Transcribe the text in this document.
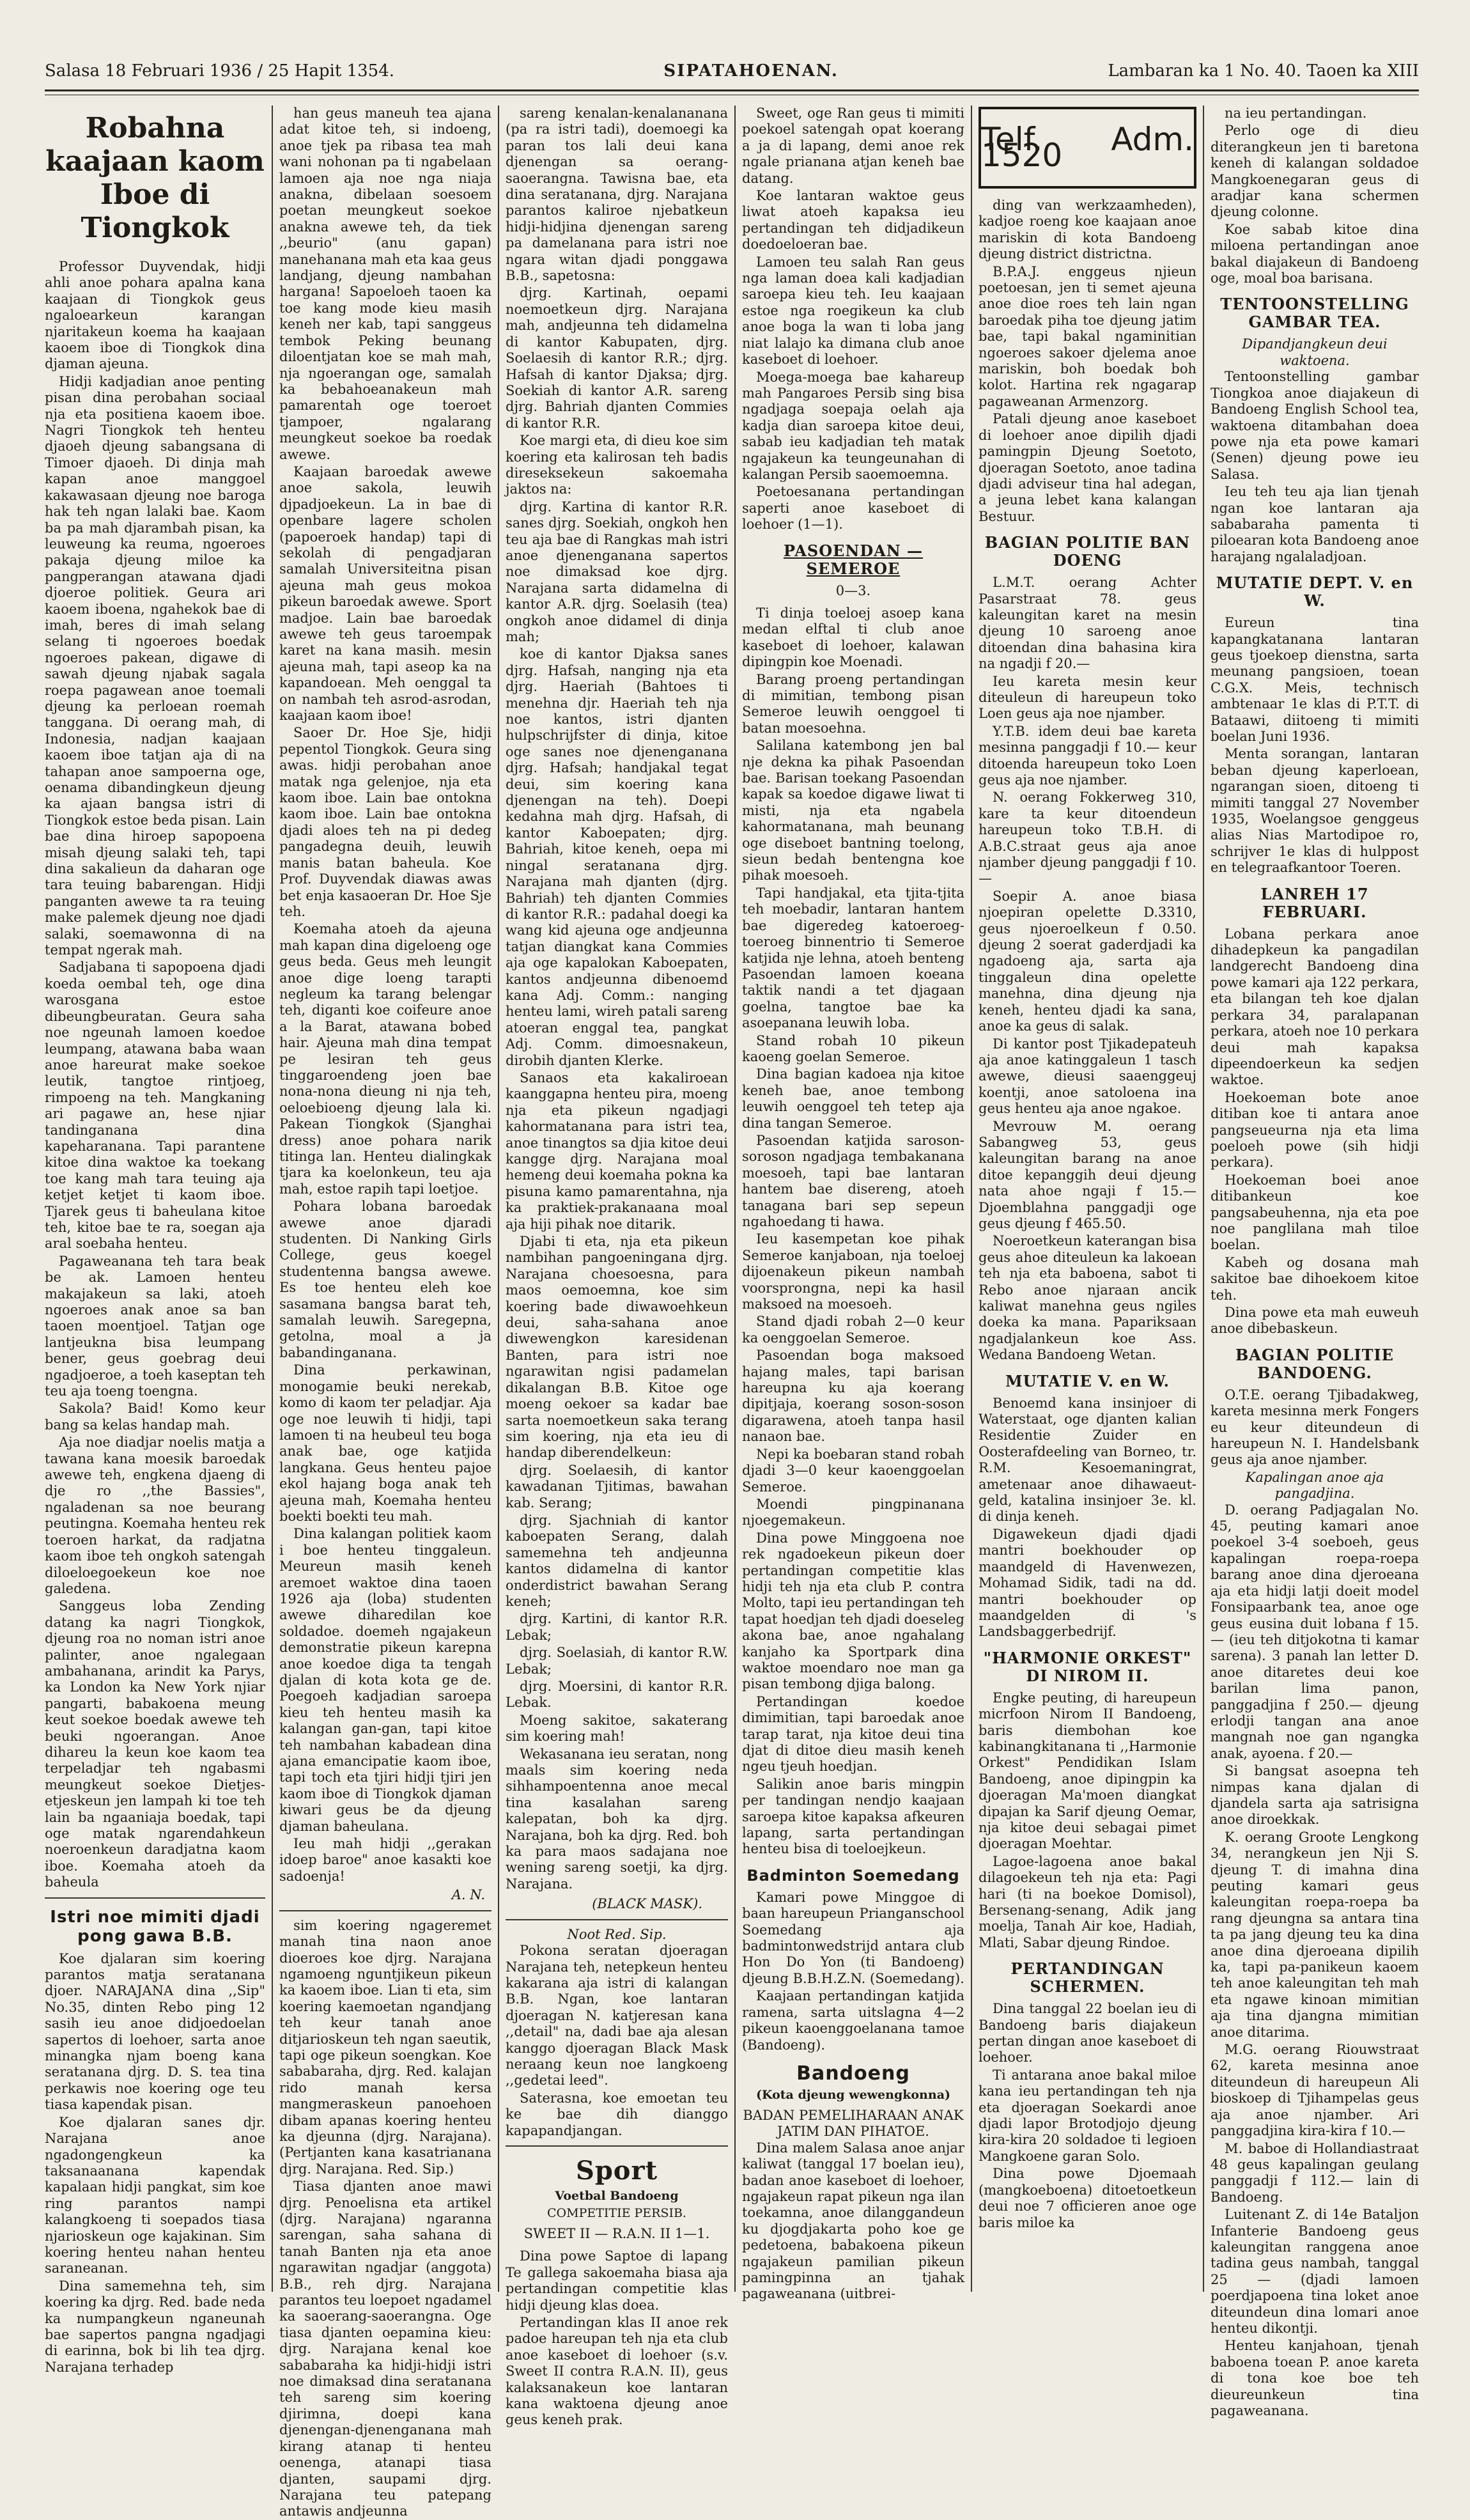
Salasa 18 Februari 1936 / 25 Hapit 1354.	SIPATAHOENAN.	Lambaran ka 1 No. 40. Taoen ka XIII
Robahna kaajaan kaom Iboe di Tiongkok

Professor Duyvendak, hidji ahli anoe pohara apalna kana kaajaan di Tiongkok geus ngaloearkeun karangan njaritakeun koema ha kaajaan kaoem iboe di Tiongkok dina djaman ajeuna.

Hidji kadjadian anoe penting pisan dina perobahan sociaal nja eta positiena kaoem iboe. Nagri Tiongkok teh henteu djaoeh djeung sabangsana di Timoer djaoeh. Di dinja mah kapan anoe manggoel kakawasaan djeung noe baroga hak teh ngan lalaki bae. Kaom ba pa mah djarambah pisan, ka leuweung ka reuma, ngoeroes pakaja djeung miloe ka pangperangan atawana djadi djoeroe politiek. Geura ari kaoem iboena, ngahekok bae di imah, beres di imah selang selang ti ngoeroes boedak ngoeroes pakean, digawe di sawah djeung njabak sagala roepa pagawean anoe toemali djeung ka perloean roemah tanggana. Di oerang mah, di Indonesia, nadjan kaajaan kaoem iboe tatjan aja di na tahapan anoe sampoerna oge, oenama dibandingkeun djeung ka ajaan bangsa istri di Tiongkok estoe beda pisan. Lain bae dina hiroep sapopoena misah djeung salaki teh, tapi dina sakalieun da daharan oge tara teuing babarengan. Hidji panganten awewe ta ra teuing make palemek djeung noe djadi salaki, soemawonna di na tempat ngerak mah.

Sadjabana ti sapopoena djadi koeda oembal teh, oge dina warosgana estoe dibeungbeuratan. Geura saha noe ngeunah lamoen koedoe leumpang, atawana baba waan anoe hareurat make soekoe leutik, tangtoe rintjoeg, rimpoeng na teh. Mangkaning ari pagawe an, hese njiar tandinganana dina kapeharanana. Tapi parantene kitoe dina waktoe ka toekang toe kang mah tara teuing aja ketjet ketjet ti kaom iboe. Tjarek geus ti baheulana kitoe teh, kitoe bae te ra, soegan aja aral soebaha henteu.

Pagaweanana teh tara beak be ak. Lamoen henteu makajakeun sa laki, atoeh ngoeroes anak anoe sa ban taoen moentjoel. Tatjan oge lantjeukna bisa leumpang bener, geus goebrag deui ngadjoeroe, a toeh kaseptan teh teu aja toeng toengna.

Sakola? Baid! Komo keur bang sa kelas handap mah.

Aja noe diadjar noelis matja a tawana kana moesik baroedak awewe teh, engkena djaeng di dje ro ,,the Bassies", ngaladenan sa noe beurang peutingna. Koemaha henteu rek toeroen harkat, da radjatna kaom iboe teh ongkoh satengah diloeloegoekeun koe noe galedena.

Sanggeus loba Zending datang ka nagri Tiongkok, djeung roa no noman istri anoe palinter, anoe ngalegaan ambahanana, arindit ka Parys, ka London ka New York njiar pangarti, babakoena meung keut soekoe boedak awewe teh beuki ngoerangan. Anoe dihareu la keun koe kaom tea terpeladjar teh ngabasmi meungkeut soekoe Dietjes-etjeskeun jen lampah ki toe teh lain ba ngaaniaja boedak, tapi oge matak ngarendahkeun noeroenkeun daradjatna kaom iboe. Koemaha atoeh da baheula

Istri noe mimiti djadi pong gawa B.B.

Koe djalaran sim koering parantos matja seratanana djoer. NARAJANA dina ,,Sip" No.35, dinten Rebo ping 12 sasih ieu anoe didjoedoelan sapertos di loehoer, sarta anoe minangka njam boeng kana seratanana djrg. D. S. tea tina perkawis noe koering oge teu tiasa kapendak pisan.

Koe djalaran sanes djr. Narajana anoe ngadongengkeun ka taksanaanana kapendak kapalaan hidji pangkat, sim koe ring parantos nampi kalangkoeng ti soepados tiasa njarioskeun oge kajakinan. Sim koering henteu nahan henteu saraneanan.

Dina samemehna teh, sim koering ka djrg. Red. bade neda ka numpangkeun nganeunah bae sapertos pangna ngadjagi di earinna, bok bi lih tea djrg. Narajana terhadep

han geus maneuh tea ajana adat kitoe teh, si indoeng, anoe tjek pa ribasa tea mah wani nohonan pa ti ngabelaan lamoen aja noe nga niaja anakna, dibelaan soesoem poetan meungkeut soekoe anakna awewe teh, da tiek ,,beurio" (anu gapan) manehanana mah eta kaa geus landjang, djeung nambahan hargana! Sapoeloeh taoen ka toe kang mode kieu masih keneh ner kab, tapi sanggeus tembok Peking beunang diloentjatan koe se mah mah, nja ngoerangan oge, samalah ka bebahoeanakeun mah pamarentah oge toeroet tjampoer, ngalarang meungkeut soekoe ba roedak awewe.

Kaajaan baroedak awewe anoe sakola, leuwih djpadjoekeun. La in bae di openbare lagere scholen (papoeroek handap) tapi di sekolah di pengadjaran samalah Universiteitna pisan ajeuna mah geus mokoa pikeun baroedak awewe. Sport madjoe. Lain bae baroedak awewe teh geus taroempak karet na kana masih. mesin ajeuna mah, tapi aseop ka na kapandoean. Meh oenggal ta on nambah teh asrod-asrodan, kaajaan kaom iboe!

Saoer Dr. Hoe Sje, hidji pepentol Tiongkok. Geura sing awas. hidji perobahan anoe matak nga gelenjoe, nja eta kaom iboe. Lain bae ontokna kaom iboe. Lain bae ontokna djadi aloes teh na pi dedeg pangadegna deuih, leuwih manis batan baheula. Koe Prof. Duyvendak diawas awas bet enja kasaoeran Dr. Hoe Sje teh.

Koemaha atoeh da ajeuna mah kapan dina digeloeng oge geus beda. Geus meh leungit anoe dige loeng tarapti negleum ka tarang belengar teh, diganti koe coifeure anoe a la Barat, atawana bobed hair. Ajeuna mah dina tempat pe lesiran teh geus tinggaroendeng joen bae nona-nona dieung ni nja teh, oeloebioeng djeung lala ki. Pakean Tiongkok (Sjanghai dress) anoe pohara narik titinga lan. Henteu dialingkak tjara ka koelonkeun, teu aja mah, estoe rapih tapi loetjoe.

Pohara lobana baroedak awewe anoe djaradi studenten. Di Nanking Girls College, geus koegel studentenna bangsa awewe. Es toe henteu eleh koe sasamana bangsa barat teh, samalah leuwih. Saregepna, getolna, moal a ja babandinganana.

Dina perkawinan, monogamie beuki nerekab, komo di kaom ter peladjar. Aja oge noe leuwih ti hidji, tapi lamoen ti na heubeul teu boga anak bae, oge katjida langkana. Geus henteu pajoe ekol hajang boga anak teh ajeuna mah, Koemaha henteu boekti boekti teu mah.

Dina kalangan politiek kaom i boe henteu tinggaleun. Meureun masih keneh aremoet waktoe dina taoen 1926 aja (loba) studenten awewe diharedilan koe soldadoe. doemeh ngajakeun demonstratie pikeun karepna anoe koedoe diga ta tengah djalan di kota kota ge de. Poegoeh kadjadian saroepa kieu teh henteu masih ka kalangan gan-gan, tapi kitoe teh nambahan kabadean dina ajana emancipatie kaom iboe, tapi toch eta tjiri hidji tjiri jen kaom iboe di Tiongkok djaman kiwari geus be da djeung djaman baheulana.

Ieu mah hidji ,,gerakan idoep baroe" anoe kasakti koe sadoenja!

A. N.

sim koering ngageremet manah tina naon anoe dioeroes koe djrg. Narajana ngamoeng nguntjikeun pikeun ka kaoem iboe. Lian ti eta, sim koering kaemoetan ngandjang teh keur tanah anoe ditjarioskeun teh ngan saeutik, tapi oge pikeun soengkan. Koe sababaraha, djrg. Red. kalajan rido manah kersa mangmeraskeun panoehoen dibam apanas koering henteu ka djeunna (djrg. Narajana). (Pertjanten kana kasatrianana djrg. Narajana. Red. Sip.)

Tiasa djanten anoe mawi djrg. Penoelisna eta artikel (djrg. Narajana) ngaranna sarengan, saha sahana di tanah Banten nja eta anoe ngarawitan ngadjar (anggota) B.B., reh djrg. Narajana parantos teu loepoet ngadamel ka saoerang-saoerangna. Oge tiasa djanten oepamina kieu: djrg. Narajana kenal koe sababaraha ka hidji-hidji istri noe dimaksad dina seratanana teh sareng sim koering djirimna, doepi kana djenengan-djenenganana mah kirang atanap ti henteu oenenga, atanapi tiasa djanten, saupami djrg. Narajana teu patepang antawis andjeunna

sareng kenalan-kenalananana (pa ra istri tadi), doemoegi ka paran tos lali deui kana djenengan sa oerang-saoerangna. Tawisna bae, eta dina seratanana, djrg. Narajana parantos kaliroe njebatkeun hidji-hidjina djenengan sareng pa damelanana para istri noe ngara witan djadi ponggawa B.B., sapetosna:

djrg. Kartinah, oepami noemoetkeun djrg. Narajana mah, andjeunna teh didamelna di kantor Kabupaten, djrg. Soelaesih di kantor R.R.; djrg. Hafsah di kantor Djaksa; djrg. Soekiah di kantor A.R. sareng djrg. Bahriah djanten Commies di kantor R.R.

Koe margi eta, di dieu koe sim koering eta kalirosan teh badis direseksekeun sakoemaha jaktos na:

djrg. Kartina di kantor R.R. sanes djrg. Soekiah, ongkoh hen teu aja bae di Rangkas mah istri anoe djenenganana sapertos noe dimaksad koe djrg. Narajana sarta didamelna di kantor A.R. djrg. Soelasih (tea) ongkoh anoe didamel di dinja mah;

koe di kantor Djaksa sanes djrg. Hafsah, nanging nja eta djrg. Haeriah (Bahtoes ti menehna djr. Haeriah teh nja noe kantos, istri djanten hulpschrijfster di dinja, kitoe oge sanes noe djenenganana djrg. Hafsah; handjakal tegat deui, sim koering kana djenengan na teh). Doepi kedahna mah djrg. Hafsah, di kantor Kaboepaten; djrg. Bahriah, kitoe keneh, oepa mi ningal seratanana djrg. Narajana mah djanten (djrg. Bahriah) teh djanten Commies di kantor R.R.: padahal doegi ka wang kid ajeuna oge andjeunna tatjan diangkat kana Commies aja oge kapalokan Kaboepaten, kantos andjeunna dibenoemd kana Adj. Comm.: nanging henteu lami, wireh patali sareng atoeran enggal tea, pangkat Adj. Comm. dimoesnakeun, dirobih djanten Klerke.

Sanaos eta kakaliroean kaanggapna henteu pira, moeng nja eta pikeun ngadjagi kahormatanana para istri tea, anoe tinangtos sa djia kitoe deui kangge djrg. Narajana moal hemeng deui koemaha pokna ka pisuna kamo pamarentahna, nja ka praktiek-prakanaana moal aja hiji pihak noe ditarik.

Djabi ti eta, nja eta pikeun nambihan pangoeningana djrg. Narajana choesoesna, para maos oemoemna, koe sim koering bade diwawoehkeun deui, saha-sahana anoe diwewengkon karesidenan Banten, para istri noe ngarawitan ngisi padamelan dikalangan B.B. Kitoe oge moeng oekoer sa kadar bae sarta noemoetkeun saka terang sim koering, nja eta ieu di handap diberendelkeun:

djrg. Soelaesih, di kantor kawadanan Tjitimas, bawahan kab. Serang;

djrg. Sjachniah di kantor kaboepaten Serang, dalah samemehna teh andjeunna kantos didamelna di kantor onderdistrict bawahan Serang keneh;

djrg. Kartini, di kantor R.R. Lebak;

djrg. Soelasiah, di kantor R.W. Lebak;

djrg. Moersini, di kantor R.R. Lebak.

Moeng sakitoe, sakaterang sim koering mah!

Wekasanana ieu seratan, nong maals sim koering neda sihhampoentenna anoe mecal tina kasalahan sareng kalepatan, boh ka djrg. Narajana, boh ka djrg. Red. boh ka para maos sadajana noe wening sareng soetji, ka djrg. Narajana.

(BLACK MASK).
Noot Red. Sip.

Pokona seratan djoeragan Narajana teh, netepkeun henteu kakarana aja istri di kalangan B.B. Ngan, koe lantaran djoeragan N. katjeresan kana ,,detail" na, dadi bae aja alesan kanggo djoeragan Black Mask neraang keun noe langkoeng ,,gedetai leed".

Saterasna, koe emoetan teu ke bae dih dianggo kapapandjangan.

Sport
Voetbal Bandoeng
COMPETITIE PERSIB.
SWEET II — R.A.N. II 1—1.

Dina powe Saptoe di lapang Te gallega sakoemaha biasa aja pertandingan competitie klas hidji djeung klas doea.

Pertandingan klas II anoe rek padoe hareupan teh nja eta club anoe kaseboet di loehoer (s.v. Sweet II contra R.A.N. II), geus kalaksanakeun koe lantaran kana waktoena djeung anoe geus keneh prak.

Sweet, oge Ran geus ti mimiti poekoel satengah opat koerang a ja di lapang, demi anoe rek ngale prianana atjan keneh bae datang.

Koe lantaran waktoe geus liwat atoeh kapaksa ieu pertandingan teh didjadikeun doedoeloeran bae.

Lamoen teu salah Ran geus nga laman doea kali kadjadian saroepa kieu teh. Ieu kaajaan estoe nga roegikeun ka club anoe boga la wan ti loba jang niat lalajo ka dimana club anoe kaseboet di loehoer.

Moega-moega bae kahareup mah Pangaroes Persib sing bisa ngadjaga soepaja oelah aja kadja dian saroepa kitoe deui, sabab ieu kadjadian teh matak ngajakeun ka teungeunahan di kalangan Persib saoemoemna.

Poetoesanana pertandingan saperti anoe kaseboet di loehoer (1—1).

PASOENDAN — SEMEROE
0—3.

Ti dinja toeloej asoep kana medan elftal ti club anoe kaseboet di loehoer, kalawan dipingpin koe Moenadi.

Barang proeng pertandingan di mimitian, tembong pisan Semeroe leuwih oenggoel ti batan moesoehna.

Salilana katembong jen bal nje dekna ka pihak Pasoendan bae. Barisan toekang Pasoendan kapak sa koedoe digawe liwat ti misti, nja eta ngabela kahormatanana, mah beunang oge diseboet bantning toelong, sieun bedah bentengna koe pihak moesoeh.

Tapi handjakal, eta tjita-tjita teh moebadir, lantaran hantem bae digeredeg katoeroeg-toeroeg binnentrio ti Semeroe katjida nje lehna, atoeh benteng Pasoendan lamoen koeana taktik nandi a tet djagaan goelna, tangtoe bae ka asoepanana leuwih loba.

Stand robah 10 pikeun kaoeng goelan Semeroe.

Dina bagian kadoea nja kitoe keneh bae, anoe tembong leuwih oenggoel teh tetep aja dina tangan Semeroe.

Pasoendan katjida saroson-soroson ngadjaga tembakanana moesoeh, tapi bae lantaran hantem bae disereng, atoeh tanagana bari sep sepeun ngahoedang ti hawa.

Ieu kasempetan koe pihak Semeroe kanjaboan, nja toeloej dijoenakeun pikeun nambah voorsprongna, nepi ka hasil maksoed na moesoeh.

Stand djadi robah 2—0 keur ka oenggoelan Semeroe.

Pasoendan boga maksoed hajang males, tapi barisan hareupna ku aja koerang dipitjaja, koerang soson-soson digarawena, atoeh tanpa hasil nanaon bae.

Nepi ka boebaran stand robah djadi 3—0 keur kaoenggoelan Semeroe.

Moendi pingpinanana njoegemakeun.

Dina powe Minggoena noe rek ngadoekeun pikeun doer pertandingan competitie klas hidji teh nja eta club P. contra Molto, tapi ieu pertandingan teh tapat hoedjan teh djadi doeseleg akona bae, anoe ngahalang kanjaho ka Sportpark dina waktoe moendaro noe man ga pisan tembong djiga balong.

Pertandingan koedoe dimimitian, tapi baroedak anoe tarap tarat, nja kitoe deui tina djat di ditoe dieu masih keneh ngeu tjeuh hoedjan.

Salikin anoe baris mingpin per tandingan nendjo kaajaan saroepa kitoe kapaksa afkeuren lapang, sarta pertandingan henteu bisa di toeloejkeun.

Badminton Soemedang

Kamari powe Minggoe di baan hareupeun Prianganschool Soemedang aja badmintonwedstrijd antara club Hon Do Yon (ti Bandoeng) djeung B.B.H.Z.N. (Soemedang).

Kaajaan pertandingan katjida ramena, sarta uitslagna 4—2 pikeun kaoenggoelanana tamoe (Bandoeng).

Bandoeng
(Kota djeung wewengkonna)
BADAN PEMELIHARAAN ANAK JATIM DAN PIHATOE.

Dina malem Salasa anoe anjar kaliwat (tanggal 17 boelan ieu), badan anoe kaseboet di loehoer, ngajakeun rapat pikeun nga ilan toekamna, anoe dilanggandeun ku djogdjakarta poho koe ge pedetoena, babakoena pikeun ngajakeun pamilian pikeun pamingpinna an tjahak pagaweanana (uitbrei-

Telf. Adm. 1520

ding van werkzaamheden), kadjoe roeng koe kaajaan anoe mariskin di kota Bandoeng djeung district districtna.

B.P.A.J. enggeus njieun poetoesan, jen ti semet ajeuna anoe dioe roes teh lain ngan baroedak piha toe djeung jatim bae, tapi bakal ngaminitian ngoeroes sakoer djelema anoe mariskin, boh boedak boh kolot. Hartina rek ngagarap pagaweanan Armenzorg.

Patali djeung anoe kaseboet di loehoer anoe dipilih djadi pamingpin Djeung Soetoto, djoeragan Soetoto, anoe tadina djadi adviseur tina hal adegan, a jeuna lebet kana kalangan Bestuur.

BAGIAN POLITIE BAN DOENG

L.M.T. oerang Achter Pasarstraat 78. geus kaleungitan karet na mesin djeung 10 saroeng anoe ditoendan dina bahasina kira na ngadji f 20.—

Ieu kareta mesin keur diteuleun di hareupeun toko Loen geus aja noe njamber.

Y.T.B. idem deui bae kareta mesinna panggadji f 10.— keur ditoenda hareupeun toko Loen geus aja noe njamber.

N. oerang Fokkerweg 310, kare ta keur ditoendeun hareupeun toko T.B.H. di A.B.C.straat geus aja anoe njamber djeung panggadji f 10.—

Soepir A. anoe biasa njoepiran opelette D.3310, geus njoeroelkeun f 0.50. djeung 2 soerat gaderdjadi ka ngadoeng aja, sarta aja tinggaleun dina opelette manehna, dina djeung nja keneh, henteu djadi ka sana, anoe ka geus di salak.

Di kantor post Tjikadepateuh aja anoe katinggaleun 1 tasch awewe, dieusi saaenggeuj koentji, anoe satoloena ina geus henteu aja anoe ngakoe.

Mevrouw M. oerang Sabangweg 53, geus kaleungitan barang na anoe ditoe kepanggih deui djeung nata ahoe ngaji f 15.— Djoemblahna panggadji oge geus djeung f 465.50.

Noeroetkeun katerangan bisa geus ahoe diteuleun ka lakoean teh nja eta baboena, sabot ti Rebo anoe njaraan ancik kaliwat manehna geus ngiles doeka ka mana. Papariksaan ngadjalankeun koe Ass. Wedana Bandoeng Wetan.

MUTATIE V. en W.

Benoemd kana insinjoer di Waterstaat, oge djanten kalian Residentie Zuider en Oosterafdeeling van Borneo, tr. R.M. Kesoemaningrat, ametenaar anoe dihawaeut- geld, katalina insinjoer 3e. kl. di dinja keneh.

Digawekeun djadi djadi mantri boekhouder op maandgeld di Havenwezen, Mohamad Sidik, tadi na dd. mantri boekhouder op maandgelden di 's Landsbaggerbedrijf.

"HARMONIE ORKEST" DI NIROM II.

Engke peuting, di hareupeun micrfoon Nirom II Bandoeng, baris diembohan koe kabinangkitanana ti ,,Harmonie Orkest" Pendidikan Islam Bandoeng, anoe dipingpin ka djoeragan Ma'moen diangkat dipajan ka Sarif djeung Oemar, nja kitoe deui sebagai pimet djoeragan Moehtar.

Lagoe-lagoena anoe bakal dilagoekeun teh nja eta: Pagi hari (ti na boekoe Domisol), Bersenang-senang, Adik jang moelja, Tanah Air koe, Hadiah, Mlati, Sabar djeung Rindoe.

PERTANDINGAN SCHERMEN.

Dina tanggal 22 boelan ieu di Bandoeng baris diajakeun pertan dingan anoe kaseboet di loehoer.

Ti antarana anoe bakal miloe kana ieu pertandingan teh nja eta djoeragan Soekardi anoe djadi lapor Brotodjojo djeung kira-kira 20 soldadoe ti legioen Mangkoene garan Solo.

Dina powe Djoemaah (mangkoeboena) ditoetoetkeun deui noe 7 officieren anoe oge baris miloe ka

na ieu pertandingan.

Perlo oge di dieu diterangkeun jen ti baretona keneh di kalangan soldadoe Mangkoenegaran geus di aradjar kana schermen djeung colonne.

Koe sabab kitoe dina miloena pertandingan anoe bakal diajakeun di Bandoeng oge, moal boa barisana.

TENTOONSTELLING GAMBAR TEA.
Dipandjangkeun deui waktoena.

Tentoonstelling gambar Tiongkoa anoe diajakeun di Bandoeng English School tea, waktoena ditambahan doea powe nja eta powe kamari (Senen) djeung powe ieu Salasa.

Ieu teh teu aja lian tjenah ngan koe lantaran aja sababaraha pamenta ti piloearan kota Bandoeng anoe harajang ngalaladjoan.

MUTATIE DEPT. V. en W.

Eureun tina kapangkatanana lantaran geus tjoekoep dienstna, sarta meunang pangsioen, toean C.G.X. Meis, technisch ambtenaar 1e klas di P.T.T. di Bataawi, diitoeng ti mimiti boelan Juni 1936.

Menta sorangan, lantaran beban djeung kaperloean, ngarangan sioen, ditoeng ti mimiti tanggal 27 November 1935, Woelangsoe genggeus alias Nias Martodipoe ro, schrijver 1e klas di hulppost en telegraafkantoor Toeren.

LANREH 17 FEBRUARI.

Lobana perkara anoe dihadepkeun ka pangadilan landgerecht Bandoeng dina powe kamari aja 122 perkara, eta bilangan teh koe djalan perkara 34, paralapanan perkara, atoeh noe 10 perkara deui mah kapaksa dipeendoerkeun ka sedjen waktoe.

Hoekoeman bote anoe ditiban koe ti antara anoe pangseueurna nja eta lima poeloeh powe (sih hidji perkara).

Hoekoeman boei anoe ditibankeun koe pangsabeuhenna, nja eta poe noe panglilana mah tiloe boelan.

Kabeh og dosana mah sakitoe bae dihoekoem kitoe teh.

Dina powe eta mah euweuh anoe dibebaskeun.

BAGIAN POLITIE BANDOENG.

O.T.E. oerang Tjibadakweg, kareta mesinna merk Fongers eu keur diteundeun di hareupeun N. I. Handelsbank geus aja anoe njamber.

Kapalingan anoe aja pangadjina.

D. oerang Padjagalan No. 45, peuting kamari anoe poekoel 3-4 soeboeh, geus kapalingan roepa-roepa barang anoe dina djeroeana aja eta hidji latji doeit model Fonsipaarbank tea, anoe oge geus eusina duit lobana f 15.— (ieu teh ditjokotna ti kamar sarena). 3 panah lan letter D. anoe ditaretes deui koe barilan lima panon, panggadjina f 250.— djeung erlodji tangan ana anoe mangnah noe gan ngangka anak, ayoena. f 20.—

Si bangsat asoepna teh nimpas kana djalan di djandela sarta aja satrisigna anoe diroekkak.

K. oerang Groote Lengkong 34, nerangkeun jen Nji S. djeung T. di imahna dina peuting kamari geus kaleungitan roepa-roepa ba rang djeungna sa antara tina ta pa jang djeung teu ka dina anoe dina djeroeana dipilih ka, tapi pa-panikeun kaoem teh anoe kaleungitan teh mah eta ngawe kinoan mimitian aja tina djangna mimitian anoe ditarima.

M.G. oerang Riouwstraat 62, kareta mesinna anoe diteundeun di hareupeun Ali bioskoep di Tjihampelas geus aja anoe njamber. Ari panggadjina kira-kira f 10.—

M. baboe di Hollandiastraat 48 geus kapalingan geulang panggadji f 112.— lain di Bandoeng.

Luitenant Z. di 14e Bataljon Infanterie Bandoeng geus kaleungitan ranggena anoe tadina geus nambah, tanggal 25 — (djadi lamoen poerdjapoena tina loket anoe diteundeun dina lomari anoe henteu dikontji.

Henteu kanjahoan, tjenah baboena toean P. anoe kareta di tona koe boe teh dieureunkeun tina pagaweanana.
